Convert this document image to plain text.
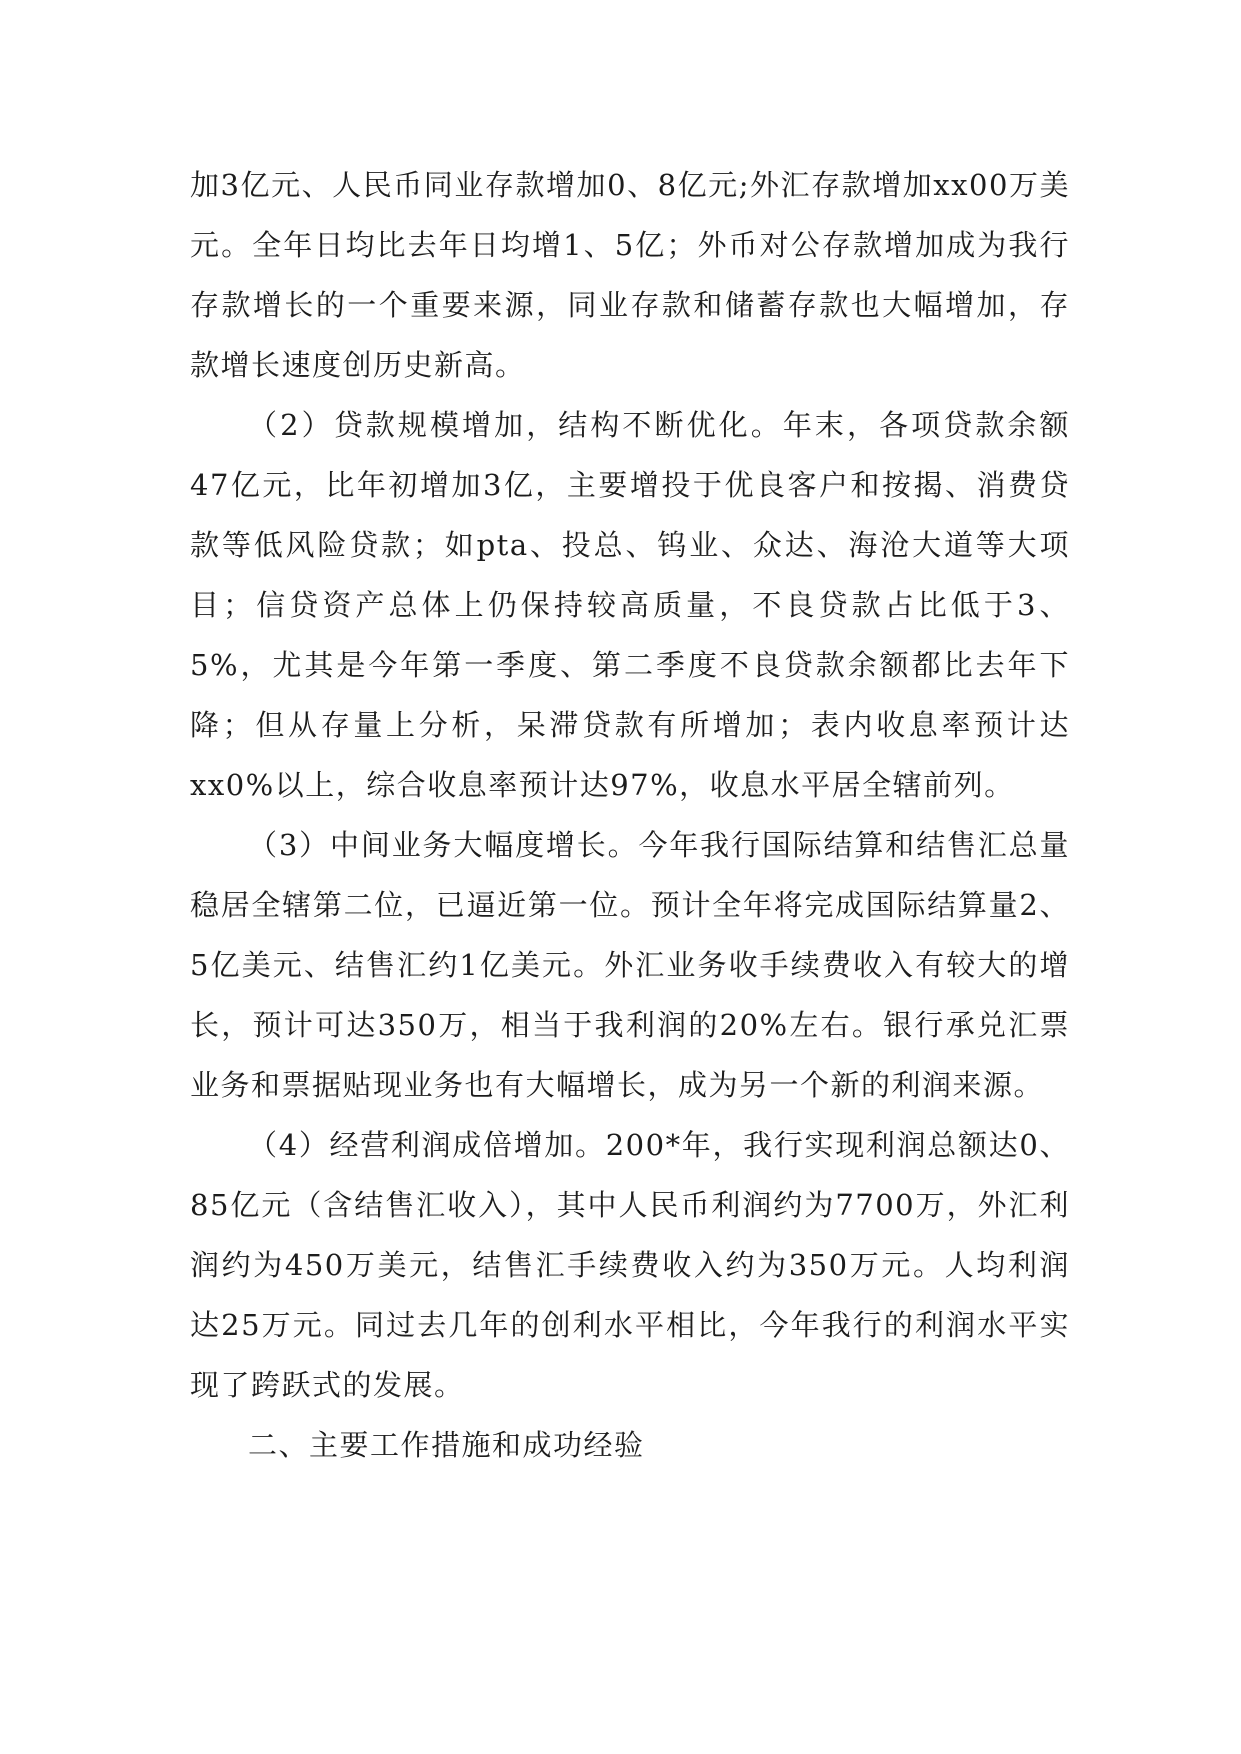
加3亿元、人民币同业存款增加0、8亿元;外汇存款增加xx00万美元。全年日均比去年日均增1、5亿；外币对公存款增加成为我行存款增长的一个重要来源，同业存款和储蓄存款也大幅增加，存款增长速度创历史新高。

（2）贷款规模增加，结构不断优化。年末，各项贷款余额47亿元，比年初增加3亿，主要增投于优良客户和按揭、消费贷款等低风险贷款；如pta、投总、钨业、众达、海沧大道等大项目；信贷资产总体上仍保持较高质量，不良贷款占比低于3、5%，尤其是今年第一季度、第二季度不良贷款余额都比去年下降；但从存量上分析，呆滞贷款有所增加；表内收息率预计达xx0%以上，综合收息率预计达97%，收息水平居全辖前列。

（3）中间业务大幅度增长。今年我行国际结算和结售汇总量稳居全辖第二位，已逼近第一位。预计全年将完成国际结算量2、5亿美元、结售汇约1亿美元。外汇业务收手续费收入有较大的增长，预计可达350万，相当于我利润的20%左右。银行承兑汇票业务和票据贴现业务也有大幅增长，成为另一个新的利润来源。

（4）经营利润成倍增加。200*年，我行实现利润总额达0、85亿元（含结售汇收入），其中人民币利润约为7700万，外汇利润约为450万美元，结售汇手续费收入约为350万元。人均利润达25万元。同过去几年的创利水平相比，今年我行的利润水平实现了跨跃式的发展。

二、主要工作措施和成功经验
